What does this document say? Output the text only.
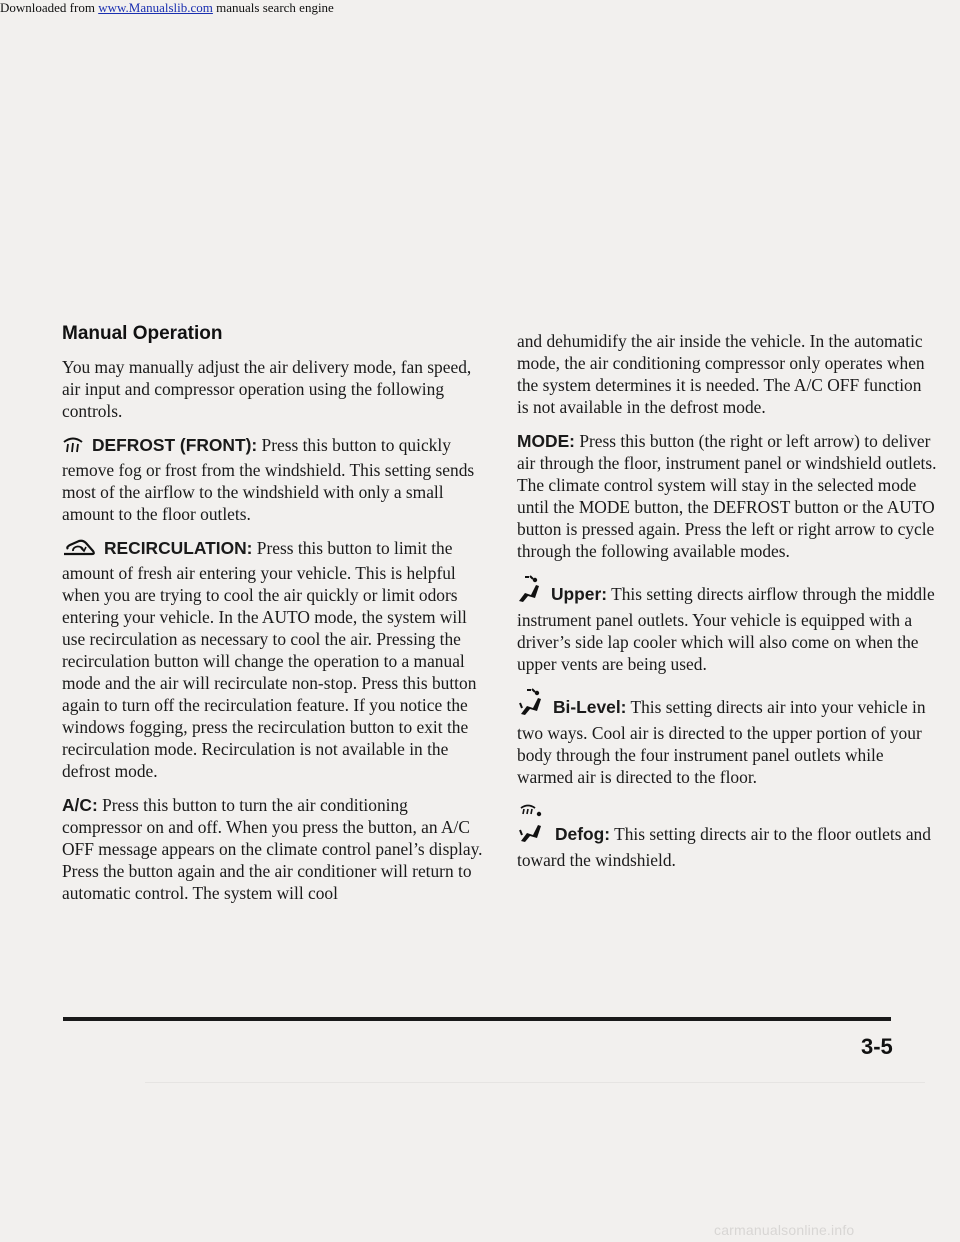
Downloaded from www.Manualslib.com manuals search engine
Manual Operation

You may manually adjust the air delivery mode, fan speed, air input and compressor operation using the following controls.

DEFROST (FRONT): Press this button to quickly remove fog or frost from the windshield. This setting sends most of the airflow to the windshield with only a small amount to the floor outlets.

RECIRCULATION: Press this button to limit the amount of fresh air entering your vehicle. This is helpful when you are trying to cool the air quickly or limit odors entering your vehicle. In the AUTO mode, the system will use recirculation as necessary to cool the air. Pressing the recirculation button will change the operation to a manual mode and the air will recirculate non-stop. Press this button again to turn off the recirculation feature. If you notice the windows fogging, press the recirculation button to exit the recirculation mode. Recirculation is not available in the defrost mode.

A/C: Press this button to turn the air conditioning compressor on and off. When you press the button, an A/C OFF message appears on the climate control panel’s display. Press the button again and the air conditioner will return to automatic control. The system will cool

and dehumidify the air inside the vehicle. In the automatic mode, the air conditioning compressor only operates when the system determines it is needed. The A/C OFF function is not available in the defrost mode.

MODE: Press this button (the right or left arrow) to deliver air through the floor, instrument panel or windshield outlets. The climate control system will stay in the selected mode until the MODE button, the DEFROST button or the AUTO button is pressed again. Press the left or right arrow to cycle through the following available modes.

Upper: This setting directs airflow through the middle instrument panel outlets. Your vehicle is equipped with a driver’s side lap cooler which will also come on when the upper vents are being used.

Bi-Level: This setting directs air into your vehicle in two ways. Cool air is directed to the upper portion of your body through the four instrument panel outlets while warmed air is directed to the floor.

Defog: This setting directs air to the floor outlets and toward the windshield.

3-5
carmanualsonline.info
